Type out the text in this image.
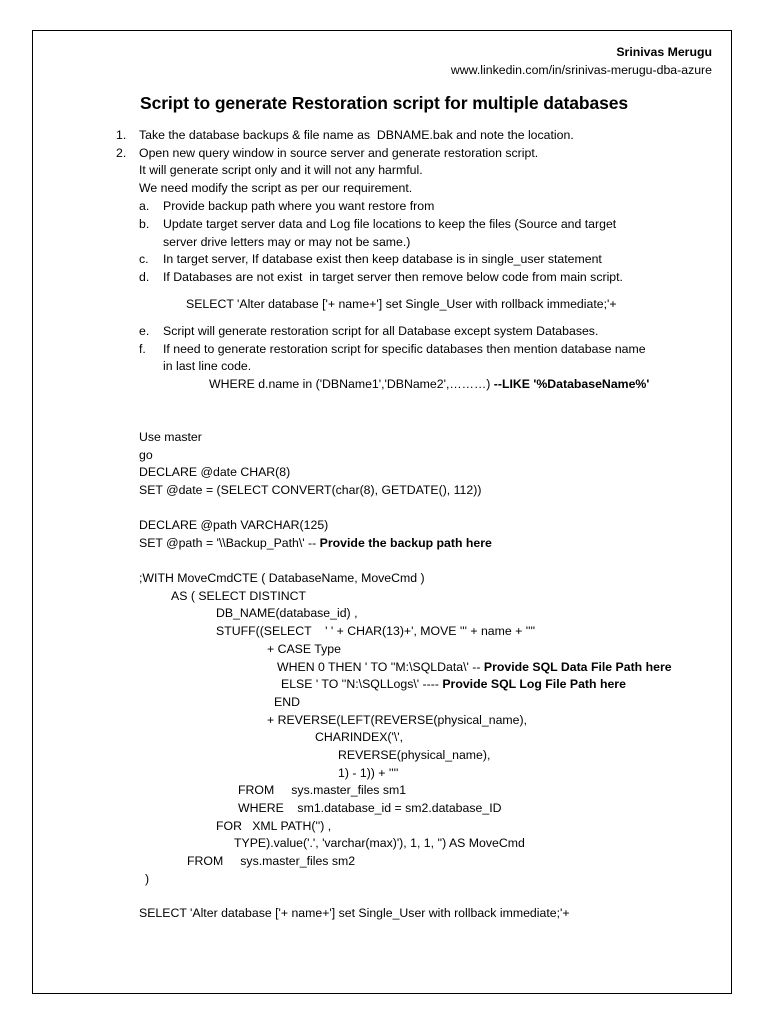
Srinivas Merugu
www.linkedin.com/in/srinivas-merugu-dba-azure
Script to generate Restoration script for multiple databases
1. Take the database backups & file name as  DBNAME.bak and note the location.
2. Open new query window in source server and generate restoration script.
It will generate script only and it will not any harmful.
We need modify the script as per our requirement.
a. Provide backup path where you want restore from
b. Update target server data and Log file locations to keep the files (Source and target
server drive letters may or may not be same.)
c. In target server, If database exist then keep database is in single_user statement
d. If Databases are not exist  in target server then remove below code from main script.
SELECT 'Alter database ['+ name+'] set Single_User with rollback immediate;'+
e. Script will generate restoration script for all Database except system Databases.
f. If need to generate restoration script for specific databases then mention database name
in last line code.
WHERE d.name in ('DBName1','DBName2',………) --LIKE '%DatabaseName%'
Use master
go
DECLARE @date CHAR(8)
SET @date = (SELECT CONVERT(char(8), GETDATE(), 112))
DECLARE @path VARCHAR(125)
SET @path = '\\Backup_Path\' -- Provide the backup path here
;WITH MoveCmdCTE ( DatabaseName, MoveCmd )
AS ( SELECT DISTINCT
DB_NAME(database_id) ,
STUFF((SELECT    ' ' + CHAR(13)+', MOVE ''' + name + ''''
+ CASE Type
WHEN 0 THEN ' TO ''M:\SQLData\' -- Provide SQL Data File Path here
ELSE ' TO ''N:\SQLLogs\' ---- Provide SQL Log File Path here
END
+ REVERSE(LEFT(REVERSE(physical_name),
CHARINDEX('\',
REVERSE(physical_name),
1) - 1)) + ''''
FROM     sys.master_files sm1
WHERE    sm1.database_id = sm2.database_ID
FOR   XML PATH('') ,
TYPE).value('.', 'varchar(max)'), 1, 1, '') AS MoveCmd
FROM     sys.master_files sm2
)
SELECT 'Alter database ['+ name+'] set Single_User with rollback immediate;'+
